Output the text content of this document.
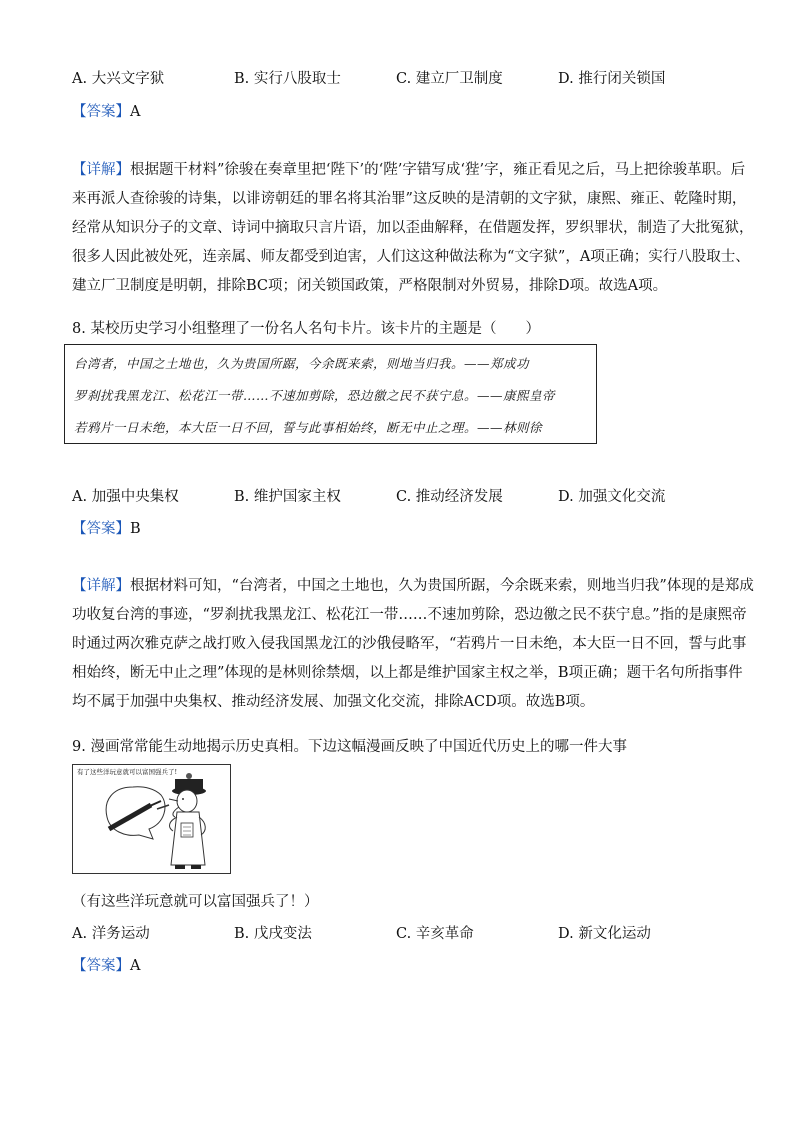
A. 大兴文字狱	B. 实行八股取士	C. 建立厂卫制度	D. 推行闭关锁国
【答案】A
【详解】根据题干材料”徐骏在奏章里把‘陛下’的‘陛’字错写成‘狴’字，雍正看见之后，马上把徐骏革职。后
来再派人查徐骏的诗集，以诽谤朝廷的罪名将其治罪”这反映的是清朝的文字狱，康熙、雍正、乾隆时期，
经常从知识分子的文章、诗词中摘取只言片语，加以歪曲解释，在借题发挥，罗织罪状，制造了大批冤狱，
很多人因此被处死，连亲属、师友都受到迫害，人们这这种做法称为“文字狱”，A项正确；实行八股取士、
建立厂卫制度是明朝，排除BC项；闭关锁国政策，严格限制对外贸易，排除D项。故选A项。
8. 某校历史学习小组整理了一份名人名句卡片。该卡片的主题是（　　）
台湾者，中国之土地也，久为贵国所踞，今余既来索，则地当归我。——郑成功
罗刹扰我黑龙江、松花江一带……不速加剪除，恐边徼之民不获宁息。——康熙皇帝
若鸦片一日未绝，本大臣一日不回，誓与此事相始终，断无中止之理。——林则徐
A. 加强中央集权	B. 维护国家主权	C. 推动经济发展	D. 加强文化交流
【答案】B
【详解】根据材料可知，“台湾者，中国之土地也，久为贵国所踞，今余既来索，则地当归我”体现的是郑成
功收复台湾的事迹，“罗刹扰我黑龙江、松花江一带……不速加剪除，恐边徼之民不获宁息。”指的是康熙帝
时通过两次雅克萨之战打败入侵我国黑龙江的沙俄侵略军，“若鸦片一日未绝，本大臣一日不回，誓与此事
相始终，断无中止之理”体现的是林则徐禁烟，以上都是维护国家主权之举，B项正确；题干名句所指事件
均不属于加强中央集权、推动经济发展、加强文化交流，排除ACD项。故选B项。
9. 漫画常常能生动地揭示历史真相。下边这幅漫画反映了中国近代历史上的哪一件大事
有了这些洋玩意就可以富国强兵了!
（有这些洋玩意就可以富国强兵了！）
A. 洋务运动	B. 戊戌变法	C. 辛亥革命	D. 新文化运动
【答案】A
